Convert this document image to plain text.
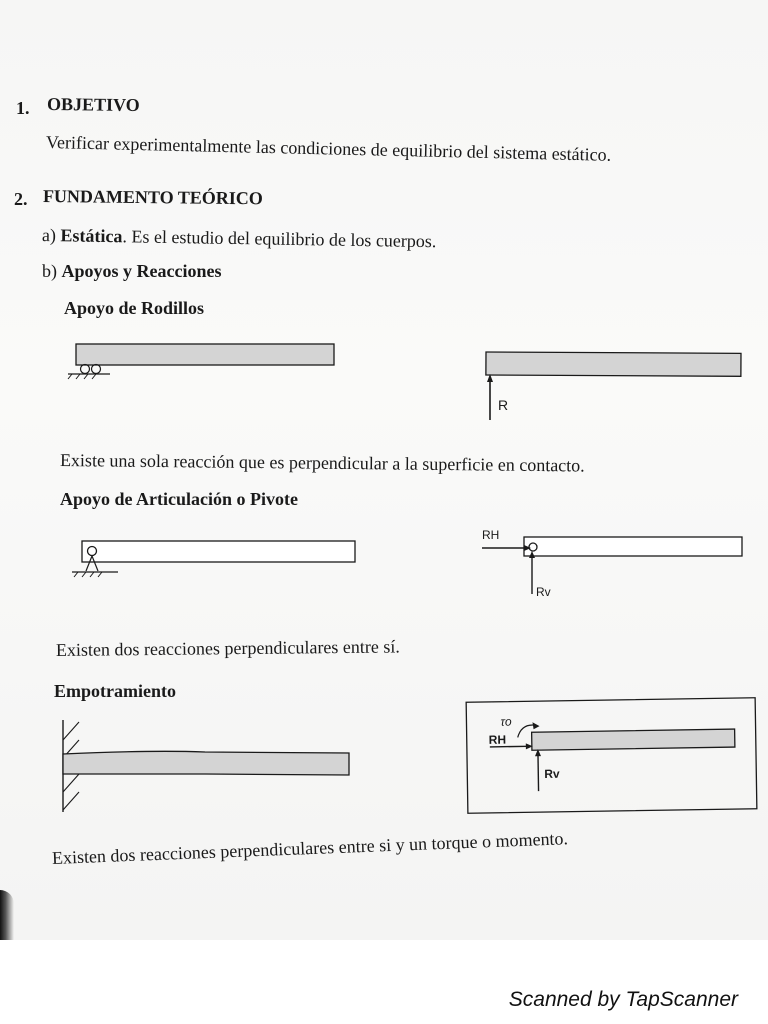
1. OBJETIVO
Verificar experimentalmente las condiciones de equilibrio del sistema estático.
2. FUNDAMENTO TEÓRICO
a) Estática. Es el estudio del equilibrio de los cuerpos.
b) Apoyos y Reacciones
Apoyo de Rodillos
R
RH
Rv
τo
RH
Rv
Existe una sola reacción que es perpendicular a la superficie en contacto.
Apoyo de Articulación o Pivote
Existen dos reacciones perpendiculares entre sí.
Empotramiento
Existen dos reacciones perpendiculares entre si y un torque o momento.
Scanned by TapScanner
